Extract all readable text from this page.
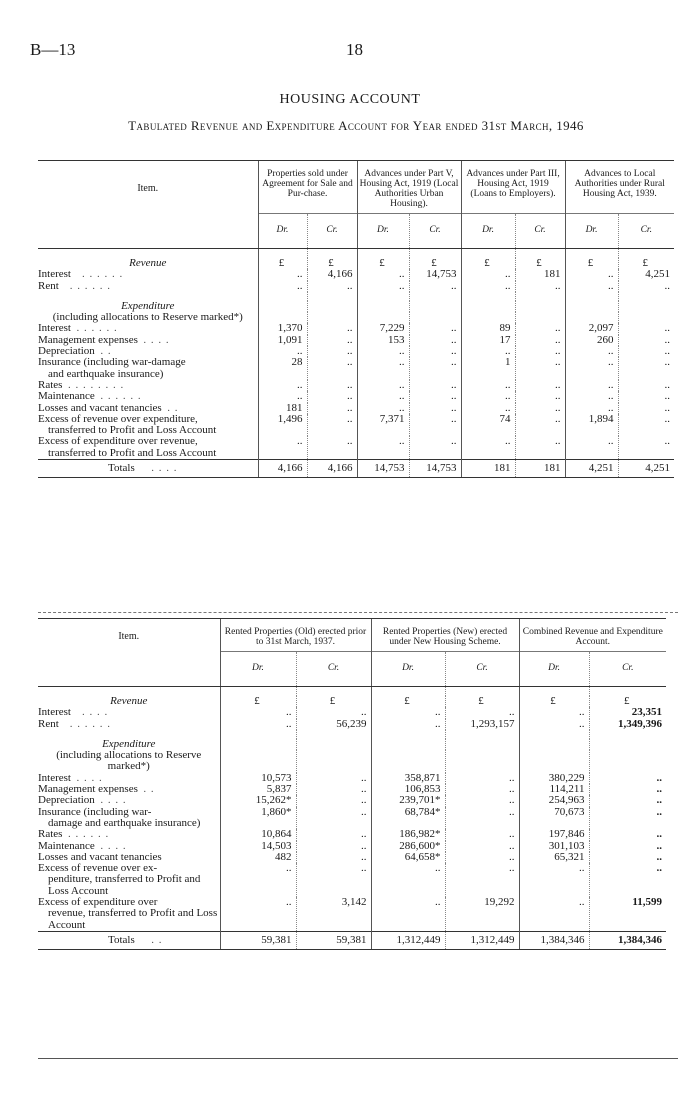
B—13	18
HOUSING ACCOUNT
Tabulated Revenue and Expenditure Account for Year ended 31st March, 1946
Item.	Properties sold under Agreement for Sale and Pur-chase.		Advances under Part V, Housing Act, 1919 (Local Authorities Urban Housing).		Advances under Part III, Housing Act, 1919 (Loans to Employers).		Advances to Local Authorities under Rural Housing Act, 1939.	
	Dr.	Cr.	Dr.	Cr.	Dr.	Cr.	Dr.	Cr.

Revenue	£	£	£	£	£	£	£	£
Interest . . . . . .	..	4,166	..	14,753	..	181	..	4,251
Rent . . . . . .	..	..	..	..	..	..	..	..

Expenditure								
(including allocations to Reserve marked*)								
Interest . . . . . .	1,370	..	7,229	..	89	..	2,097	..
Management expenses . . . .	1,091	..	153	..	17	..	260	..
Depreciation . .	..	..	..	..	..	..	..	..
Insurance (including war-damage
and earthquake insurance)	28	..	..	..	1	..	..	..
Rates . . . . . . . .	..	..	..	..	..	..	..	..
Maintenance . . . . . .	..	..	..	..	..	..	..	..
Losses and vacant tenancies . .	181	..	..	..	..	..	..	..
Excess of revenue over expenditure,
transferred to Profit and Loss Account	1,496	..	7,371	..	74	..	1,894	..
Excess of expenditure over revenue,
transferred to Profit and Loss Account	..	..	..	..	..	..	..	..
Totals . . . .	4,166	4,166	14,753	14,753	181	181	4,251	4,251
Item.	Rented Properties (Old) erected prior to 31st March, 1937.		Rented Properties (New) erected under New Housing Scheme.		Combined Revenue and Expenditure Account.	
	Dr.	Cr.	Dr.	Cr.	Dr.	Cr.

Revenue	£	£	£	£	£	£
Interest . . . .	..	..	..	..	..	23,351
Rent . . . . . .	..	56,239	..	1,293,157	..	1,349,396

Expenditure						
(including allocations to Reserve marked*)						
Interest . . . .	10,573	..	358,871	..	380,229	..
Management expenses . .	5,837	..	106,853	..	114,211	..
Depreciation . . . .	15,262*	..	239,701*	..	254,963	..
Insurance (including war-
damage and earthquake insurance)	1,860*	..	68,784*	..	70,673	..
Rates . . . . . .	10,864	..	186,982*	..	197,846	..
Maintenance . . . .	14,503	..	286,600*	..	301,103	..
Losses and vacant tenancies	482	..	64,658*	..	65,321	..
Excess of revenue over ex-
penditure, transferred to Profit and Loss Account	..	..	..	..	..	..
Excess of expenditure over
revenue, transferred to Profit and Loss Account	..	3,142	..	19,292	..	11,599
Totals . .	59,381	59,381	1,312,449	1,312,449	1,384,346	1,384,346
